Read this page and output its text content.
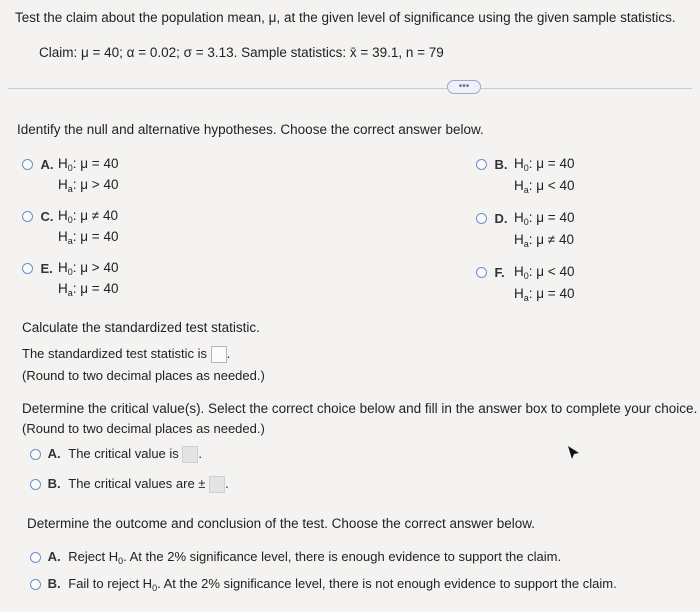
Test the claim about the population mean, μ, at the given level of significance using the given sample statistics.
Claim: μ = 40; α = 0.02; σ = 3.13. Sample statistics: x̄ = 39.1, n = 79
•••
Identify the null and alternative hypotheses. Choose the correct answer below.
A. $H_0$: μ = 40
$H_a$: μ > 40
B. $H_0$: μ = 40
$H_a$: μ < 40
C. $H_0$: μ ≠ 40
$H_a$: μ = 40
D. $H_0$: μ = 40
$H_a$: μ ≠ 40
E. $H_0$: μ > 40
$H_a$: μ = 40
F. $H_0$: μ < 40
$H_a$: μ = 40
Calculate the standardized test statistic.
The standardized test statistic is .
(Round to two decimal places as needed.)
Determine the critical value(s). Select the correct choice below and fill in the answer box to complete your choice.
(Round to two decimal places as needed.)
A. The critical value is .
B. The critical values are ± .
Determine the outcome and conclusion of the test. Choose the correct answer below.
A. Reject $H_0$. At the 2% significance level, there is enough evidence to support the claim.
B. Fail to reject $H_0$. At the 2% significance level, there is not enough evidence to support the claim.
